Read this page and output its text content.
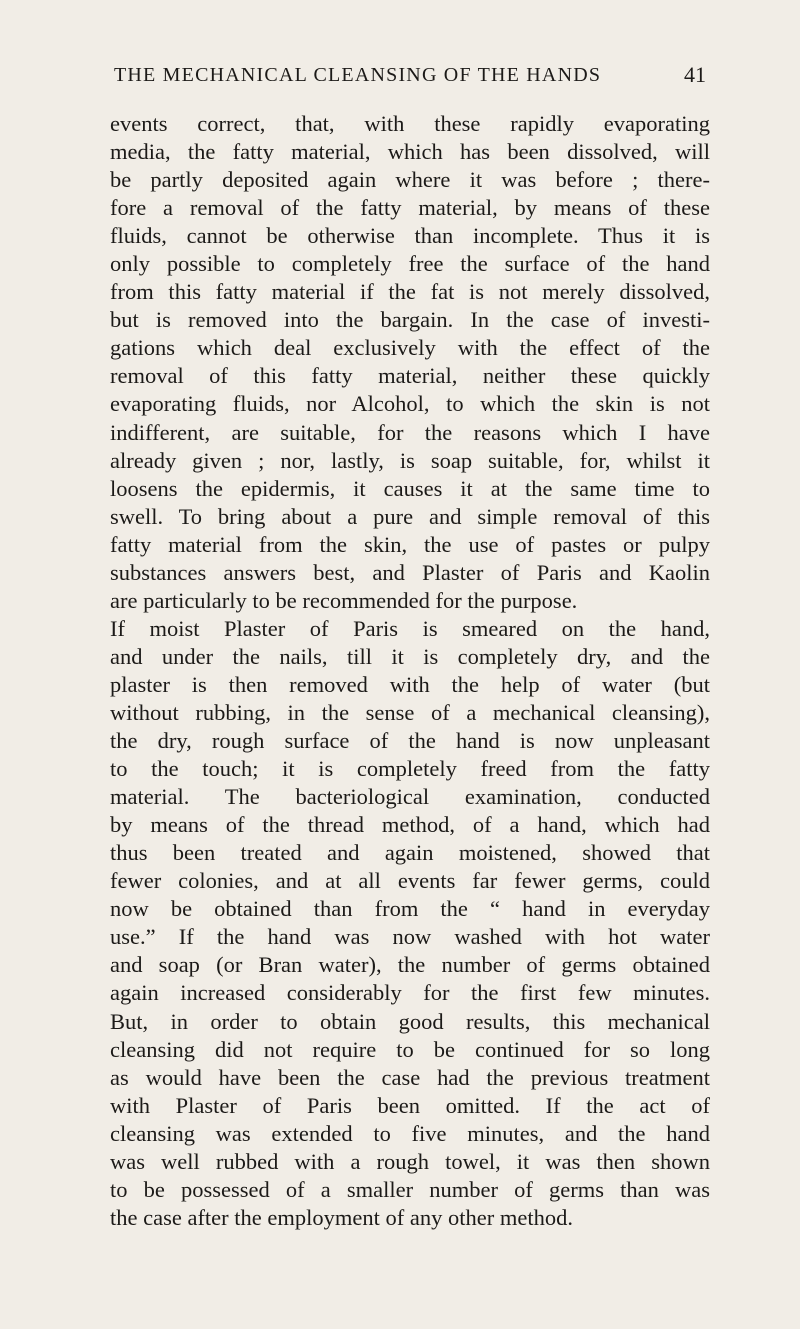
THE MECHANICAL CLEANSING OF THE HANDS	41
events correct, that, with these rapidly evaporating
media, the fatty material, which has been dissolved, will
be partly deposited again where it was before ; there-
fore a removal of the fatty material, by means of these
fluids, cannot be otherwise than incomplete. Thus it is
only possible to completely free the surface of the hand
from this fatty material if the fat is not merely dissolved,
but is removed into the bargain. In the case of investi-
gations which deal exclusively with the effect of the
removal of this fatty material, neither these quickly
evaporating fluids, nor Alcohol, to which the skin is not
indifferent, are suitable, for the reasons which I have
already given ; nor, lastly, is soap suitable, for, whilst it
loosens the epidermis, it causes it at the same time to
swell. To bring about a pure and simple removal of this
fatty material from the skin, the use of pastes or pulpy
substances answers best, and Plaster of Paris and Kaolin
are particularly to be recommended for the purpose.
If moist Plaster of Paris is smeared on the hand,
and under the nails, till it is completely dry, and the
plaster is then removed with the help of water (but
without rubbing, in the sense of a mechanical cleansing),
the dry, rough surface of the hand is now unpleasant
to the touch; it is completely freed from the fatty
material. The bacteriological examination, conducted
by means of the thread method, of a hand, which had
thus been treated and again moistened, showed that
fewer colonies, and at all events far fewer germs, could
now be obtained than from the “ hand in everyday
use.” If the hand was now washed with hot water
and soap (or Bran water), the number of germs obtained
again increased considerably for the first few minutes.
But, in order to obtain good results, this mechanical
cleansing did not require to be continued for so long
as would have been the case had the previous treatment
with Plaster of Paris been omitted. If the act of
cleansing was extended to five minutes, and the hand
was well rubbed with a rough towel, it was then shown
to be possessed of a smaller number of germs than was
the case after the employment of any other method.
